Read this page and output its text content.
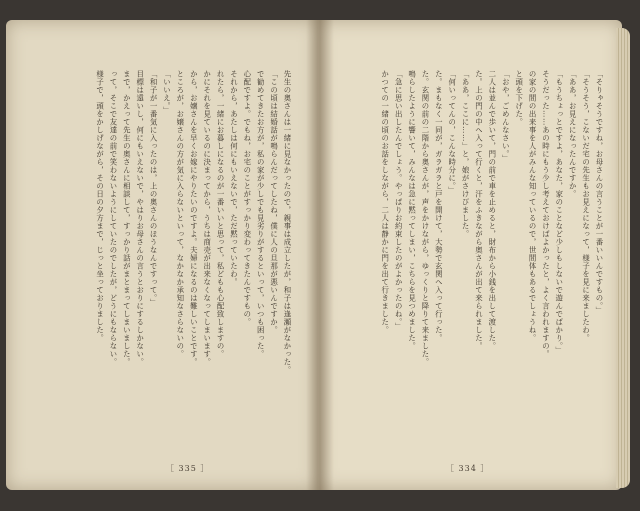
先生の奥さんは一緒に見なかったので，親事は成立したが，和子は逢瀬がなかった。
「この頃は結婚話が鳴らんだってしたね，僕に人の旦那が悪いんですか。
で勧めてきたお方が，私の家が少しでも見劣りがするといって，いつも困った。
心配ですよ。でもね，お宅のことがすっかり変わってきたんですもの。
それから，あたしは何にもいえないで，ただ黙っていたわ。
れたら，一緒にお暮しになるのが一番いいと思って，私どもも心配致しますの。
かにそれを見ているのに決まってから，うちは商売が出来なくなってしまいます。
から，お嬢さんを早くお嫁にやりたいのですよ。夫婦になるのは難しいことです。
ところが，お嬢さんの方が気に入らないといって，なかなか承知なさらないの。
「いいえ。」
「和子が一番気に入ったのは，上の奥さんのほうなんですって。」
目標は遠いし，何にもいえないで，やはりお母さんの言うとおりにするしかない。
まで，かえって先生の奥さんに相談して，すっかり話がまとまってしまいました。
って，そこで友達の前で笑わないようにしていたのでしたが，どうにもならない。
様子で，頭をかしげながら，その日の夕方まで，じっと坐っておりました。
［ 335 ］
「そりゃそうですね，お母さんの言うことが一番いいんですもの。」
「そうそう，こないだ宅の先生もお見えになって，様子を見に来ましたわ。
「ああ，お見えになったんですか。
「もうちょっとですよ，あなた，家のことなど少しもしないで遊んでばかり。」
そうだった……あの時にもう少し考えておけばよかったと，よく言われますの。
の家の間の出来事を人がみんな知っているので，世間体もあるでしょうね。
と頭を下げた。
「おや，ごめんなさい。」
二人は並んで歩いて，門の前で車を止めると，財布から小銭を出して渡した。
た。上の門の中へ入って行くと，汗をふきながら奥さんが出て来られました。
「ああ，ここに……」と，娘がさけびました。
「何いってんの，こんな時分に。」
た。まもなく一同が，ガラガラと戸を開けて，大勢で玄関へ入って行った。
た。玄関の前の二階から奥さんが，声をかけながら，ゆっくりと降りて来ました。
鳴らしたように響いて，みんなは急に黙ってしまい，こちらを見つめました。
「急に思い出したんでしょう。やっぱりお約束したのがよかったのね。」
かつての一緒の頃のお話をしながら，二人は静かに門を出て行きました。
［ 334 ］
